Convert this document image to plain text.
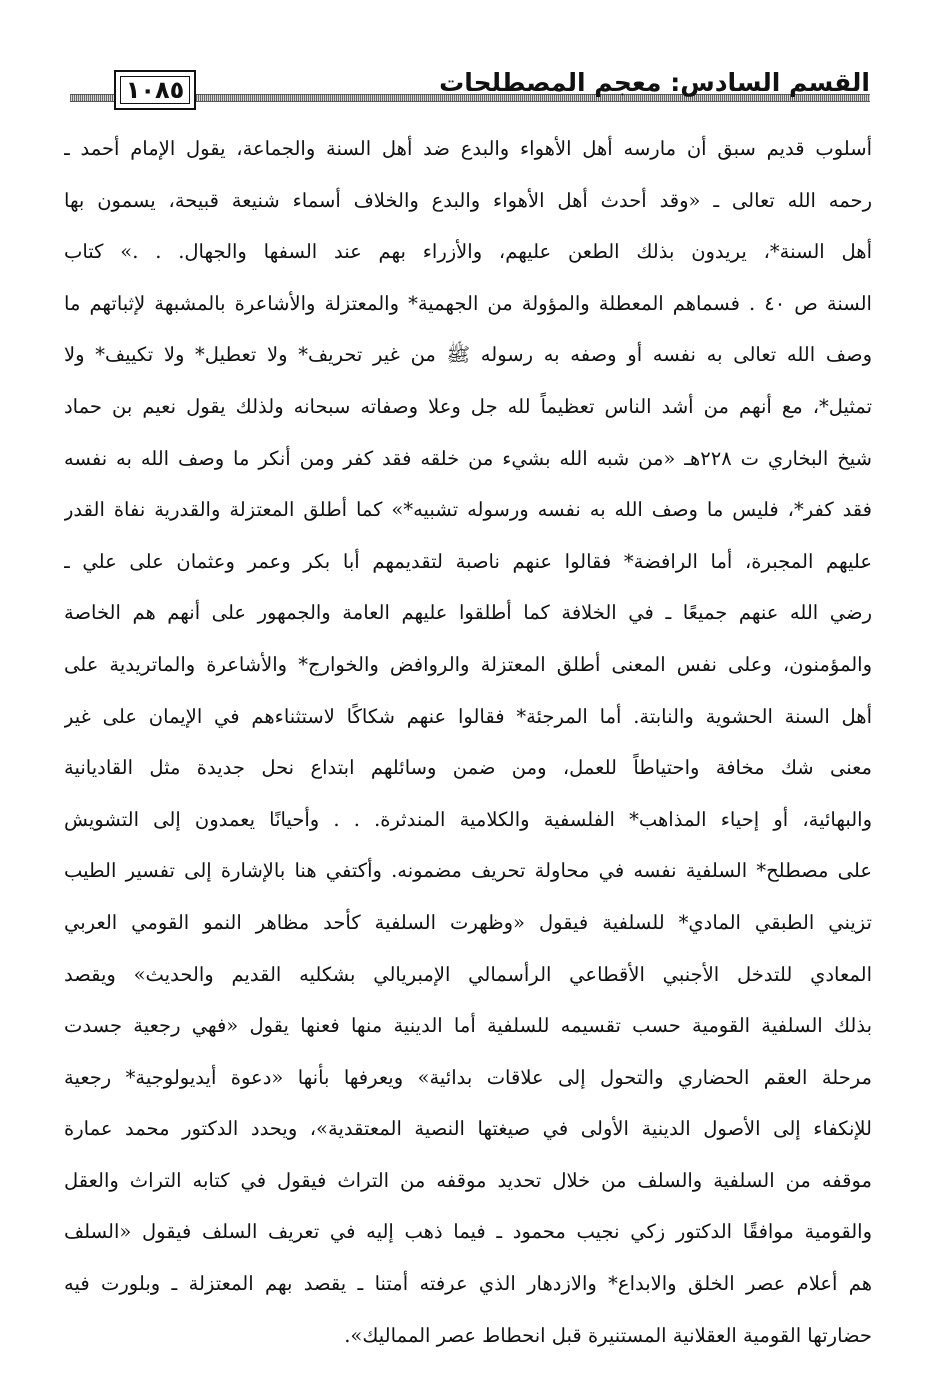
١٠٨٥	القسم السادس: معجم المصطلحات
أسلوب قديم سبق أن مارسه أهل الأهواء والبدع ضد أهل السنة والجماعة، يقول الإمام أحمد ـ
رحمه الله تعالى ـ «وقد أحدث أهل الأهواء والبدع والخلاف أسماء شنيعة قبيحة، يسمون بها
أهل السنة*، يريدون بذلك الطعن عليهم، والأزراء بهم عند السفها والجهال. . .» كتاب
السنة ص ٤٠ . فسماهم المعطلة والمؤولة من الجهمية* والمعتزلة والأشاعرة بالمشبهة لإثباتهم ما
وصف الله تعالى به نفسه أو وصفه به رسوله ﷺ من غير تحريف* ولا تعطيل* ولا تكييف* ولا
تمثيل*، مع أنهم من أشد الناس تعظيماً لله جل وعلا وصفاته سبحانه ولذلك يقول نعيم بن حماد
شيخ البخاري ت ٢٢٨هـ «من شبه الله بشيء من خلقه فقد كفر ومن أنكر ما وصف الله به نفسه
فقد كفر*، فليس ما وصف الله به نفسه ورسوله تشبيه*» كما أطلق المعتزلة والقدرية نفاة القدر
عليهم المجبرة، أما الرافضة* فقالوا عنهم ناصبة لتقديمهم أبا بكر وعمر وعثمان على علي ـ
رضي الله عنهم جميعًا ـ في الخلافة كما أطلقوا عليهم العامة والجمهور على أنهم هم الخاصة
والمؤمنون، وعلى نفس المعنى أطلق المعتزلة والروافض والخوارج* والأشاعرة والماتريدية على
أهل السنة الحشوية والنابتة. أما المرجئة* فقالوا عنهم شكاكًا لاستثناءهم في الإيمان على غير
معنى شك مخافة واحتياطاً للعمل، ومن ضمن وسائلهم ابتداع نحل جديدة مثل القاديانية
والبهائية، أو إحياء المذاهب* الفلسفية والكلامية المندثرة. . . وأحيانًا يعمدون إلى التشويش
على مصطلح* السلفية نفسه في محاولة تحريف مضمونه. وأكتفي هنا بالإشارة إلى تفسير الطيب
تزيني الطبقي المادي* للسلفية فيقول «وظهرت السلفية كأحد مظاهر النمو القومي العربي
المعادي للتدخل الأجنبي الأقطاعي الرأسمالي الإمبريالي بشكليه القديم والحديث» ويقصد
بذلك السلفية القومية حسب تقسيمه للسلفية أما الدينية منها فعنها يقول «فهي رجعية جسدت
مرحلة العقم الحضاري والتحول إلى علاقات بدائية» ويعرفها بأنها «دعوة أيديولوجية* رجعية
للإنكفاء إلى الأصول الدينية الأولى في صيغتها النصية المعتقدية»، ويحدد الدكتور محمد عمارة
موقفه من السلفية والسلف من خلال تحديد موقفه من التراث فيقول في كتابه التراث والعقل
والقومية موافقًا الدكتور زكي نجيب محمود ـ فيما ذهب إليه في تعريف السلف فيقول «السلف
هم أعلام عصر الخلق والابداع* والازدهار الذي عرفته أمتنا ـ يقصد بهم المعتزلة ـ وبلورت فيه
حضارتها القومية العقلانية المستنيرة قبل انحطاط عصر المماليك».
